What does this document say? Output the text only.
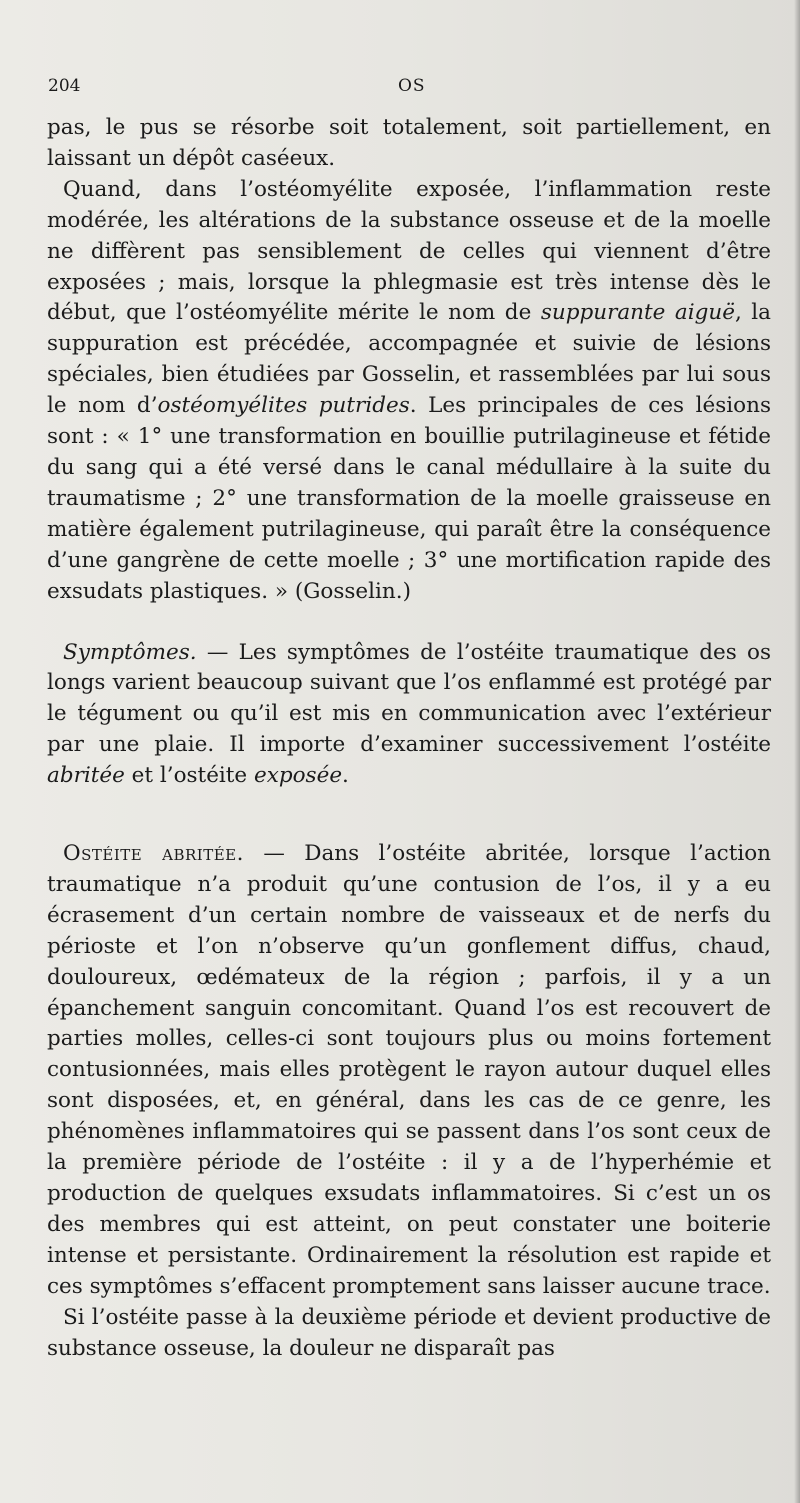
204	OS

pas, le pus se résorbe soit totalement, soit partiellement, en laissant un dépôt caséeux.

Quand, dans l’ostéomyélite exposée, l’inflammation reste modérée, les altérations de la substance osseuse et de la moelle ne diffèrent pas sensiblement de celles qui viennent d’être exposées ; mais, lorsque la phlegmasie est très intense dès le début, que l’ostéomyélite mérite le nom de suppurante aiguë, la suppuration est précédée, accompagnée et suivie de lésions spéciales, bien étudiées par Gosselin, et rassemblées par lui sous le nom d’ostéomyélites putrides. Les principales de ces lésions sont : « 1° une transformation en bouillie putrilagineuse et fétide du sang qui a été versé dans le canal médullaire à la suite du traumatisme ; 2° une transformation de la moelle graisseuse en matière également putrilagineuse, qui paraît être la conséquence d’une gangrène de cette moelle ; 3° une mortification rapide des exsudats plastiques. » (Gosselin.)

Symptômes. — Les symptômes de l’ostéite traumatique des os longs varient beaucoup suivant que l’os enflammé est protégé par le tégument ou qu’il est mis en communication avec l’extérieur par une plaie. Il importe d’examiner successivement l’ostéite abritée et l’ostéite exposée.

Ostéite abritée. — Dans l’ostéite abritée, lorsque l’action traumatique n’a produit qu’une contusion de l’os, il y a eu écrasement d’un certain nombre de vaisseaux et de nerfs du périoste et l’on n’observe qu’un gonflement diffus, chaud, douloureux, œdémateux de la région ; parfois, il y a un épanchement sanguin concomitant. Quand l’os est recouvert de parties molles, celles-ci sont toujours plus ou moins fortement contusionnées, mais elles protègent le rayon autour duquel elles sont disposées, et, en général, dans les cas de ce genre, les phénomènes inflammatoires qui se passent dans l’os sont ceux de la première période de l’ostéite : il y a de l’hyperhémie et production de quelques exsudats inflammatoires. Si c’est un os des membres qui est atteint, on peut constater une boiterie intense et persistante. Ordinairement la résolution est rapide et ces symptômes s’effacent promptement sans laisser aucune trace.

Si l’ostéite passe à la deuxième période et devient productive de substance osseuse, la douleur ne disparaît pas
